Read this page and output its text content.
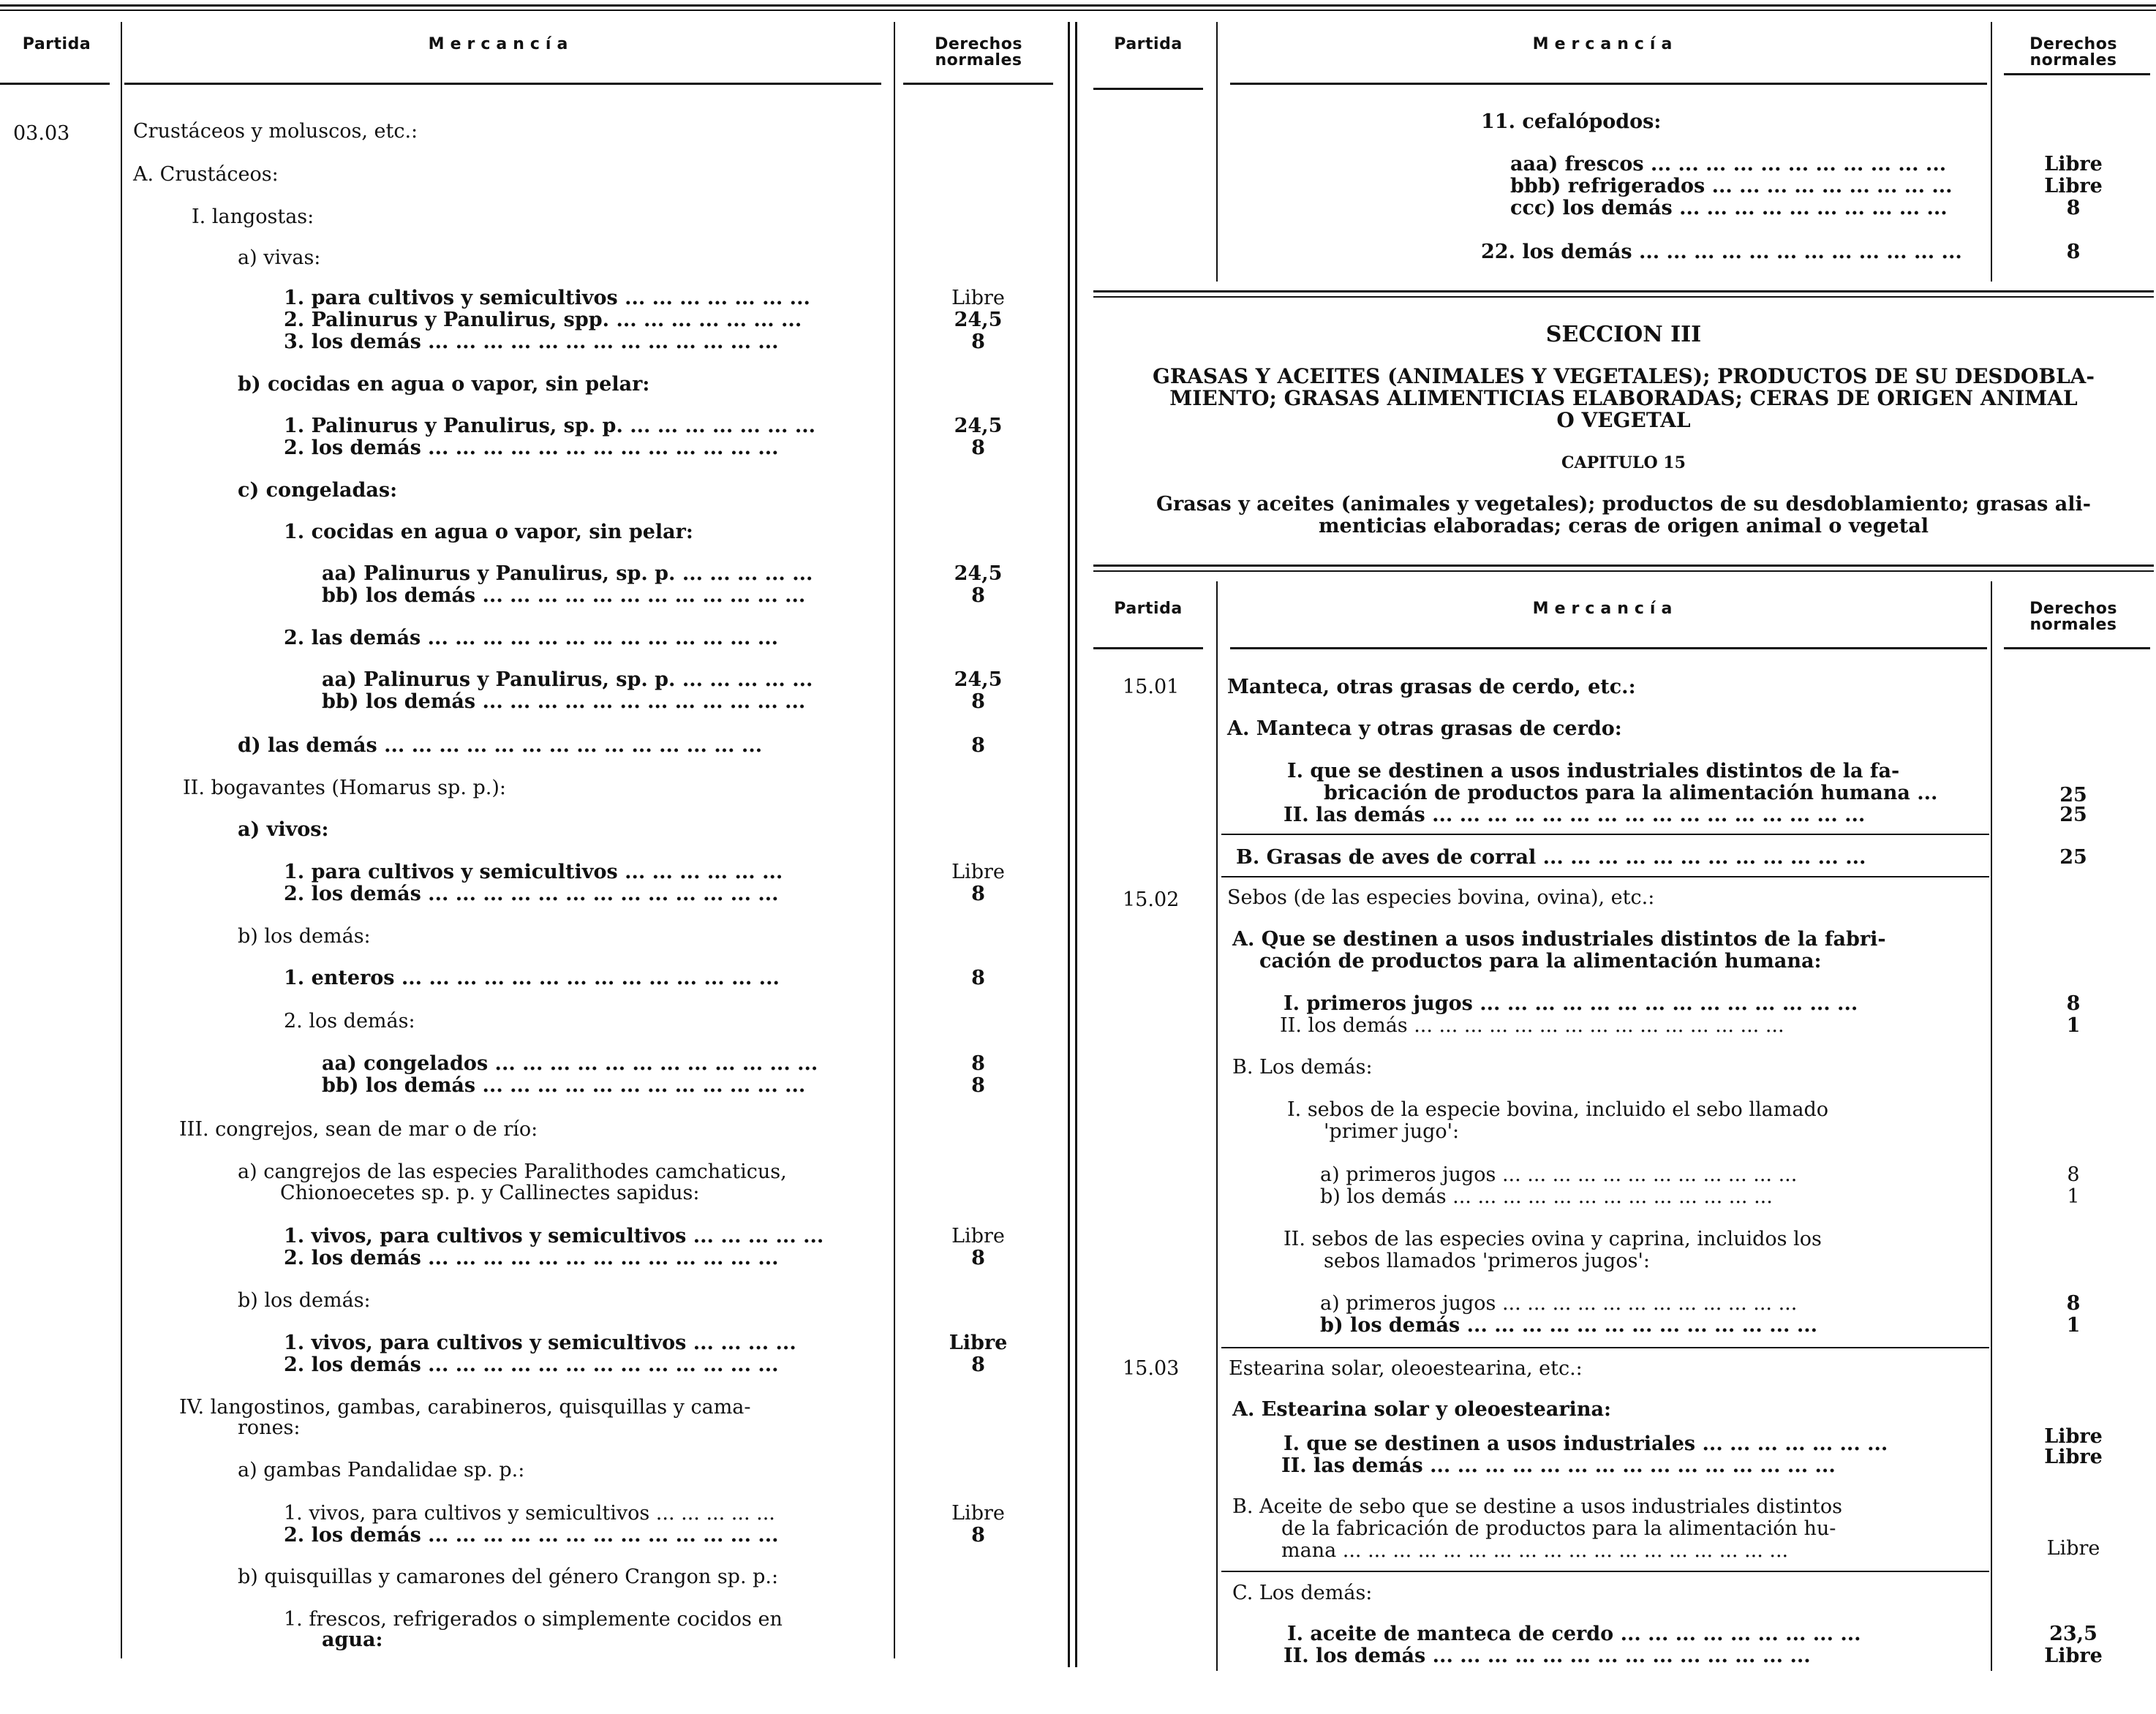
Partida	Mercancía	Derechos
normales
03.03	Crustáceos y moluscos, etc.:
A. Crustáceos:
I. langostas:
a) vivas:
1. para cultivos y semicultivos ... ... ... ... ... ... ...	Libre
2. Palinurus y Panulirus, spp. ... ... ... ... ... ... ...	24,5
3. los demás ... ... ... ... ... ... ... ... ... ... ... ... ...	8
b) cocidas en agua o vapor, sin pelar:
1. Palinurus y Panulirus, sp. p. ... ... ... ... ... ... ...	24,5
2. los demás ... ... ... ... ... ... ... ... ... ... ... ... ...	8
c) congeladas:
1. cocidas en agua o vapor, sin pelar:
aa) Palinurus y Panulirus, sp. p. ... ... ... ... ...	24,5
bb) los demás ... ... ... ... ... ... ... ... ... ... ... ...	8
2. las demás ... ... ... ... ... ... ... ... ... ... ... ... ...
aa) Palinurus y Panulirus, sp. p. ... ... ... ... ...	24,5
bb) los demás ... ... ... ... ... ... ... ... ... ... ... ...	8
d) las demás ... ... ... ... ... ... ... ... ... ... ... ... ... ...	8
II. bogavantes (Homarus sp. p.):
a) vivos:
1. para cultivos y semicultivos ... ... ... ... ... ...	Libre
2. los demás ... ... ... ... ... ... ... ... ... ... ... ... ...	8
b) los demás:
1. enteros ... ... ... ... ... ... ... ... ... ... ... ... ... ...	8
2. los demás:
aa) congelados ... ... ... ... ... ... ... ... ... ... ... ...	8
bb) los demás ... ... ... ... ... ... ... ... ... ... ... ...	8
III. congrejos, sean de mar o de río:
a) cangrejos de las especies Paralithodes camchaticus,
Chionoecetes sp. p. y Callinectes sapidus:
1. vivos, para cultivos y semicultivos ... ... ... ... ...	Libre
2. los demás ... ... ... ... ... ... ... ... ... ... ... ... ...	8
b) los demás:
1. vivos, para cultivos y semicultivos ... ... ... ...	Libre
2. los demás ... ... ... ... ... ... ... ... ... ... ... ... ...	8
IV. langostinos, gambas, carabineros, quisquillas y cama-
rones:
a) gambas Pandalidae sp. p.:
1. vivos, para cultivos y semicultivos ... ... ... ... ...	Libre
2. los demás ... ... ... ... ... ... ... ... ... ... ... ... ...	8
b) quisquillas y camarones del género Crangon sp. p.:
1. frescos, refrigerados o simplemente cocidos en
agua:
Partida	Mercancía	Derechos
normales
11. cefalópodos:
aaa) frescos ... ... ... ... ... ... ... ... ... ... ...	Libre
bbb) refrigerados ... ... ... ... ... ... ... ... ...	Libre
ccc) los demás ... ... ... ... ... ... ... ... ... ...	8
22. los demás ... ... ... ... ... ... ... ... ... ... ... ...	8
SECCION III
GRASAS Y ACEITES (ANIMALES Y VEGETALES); PRODUCTOS DE SU DESDOBLA-
MIENTO; GRASAS ALIMENTICIAS ELABORADAS; CERAS DE ORIGEN ANIMAL
O VEGETAL
CAPITULO 15
Grasas y aceites (animales y vegetales); productos de su desdoblamiento; grasas ali-
menticias elaboradas; ceras de origen animal o vegetal
Partida	Mercancía	Derechos
normales
15.01 Manteca, otras grasas de cerdo, etc.:
A. Manteca y otras grasas de cerdo:
I. que se destinen a usos industriales distintos de la fa-
bricación de productos para la alimentación humana ...	25
II. las demás ... ... ... ... ... ... ... ... ... ... ... ... ... ... ... ...	25
B. Grasas de aves de corral ... ... ... ... ... ... ... ... ... ... ... ...	25
15.02 Sebos (de las especies bovina, ovina), etc.:
A. Que se destinen a usos industriales distintos de la fabri-
cación de productos para la alimentación humana:
I. primeros jugos ... ... ... ... ... ... ... ... ... ... ... ... ... ...	8
II. los demás ... ... ... ... ... ... ... ... ... ... ... ... ... ... ...	1
B. Los demás:
I. sebos de la especie bovina, incluido el sebo llamado
'primer jugo':
a) primeros jugos ... ... ... ... ... ... ... ... ... ... ... ...	8
b) los demás ... ... ... ... ... ... ... ... ... ... ... ... ...	1
II. sebos de las especies ovina y caprina, incluidos los
sebos llamados 'primeros jugos':
a) primeros jugos ... ... ... ... ... ... ... ... ... ... ... ...	8
b) los demás ... ... ... ... ... ... ... ... ... ... ... ... ...	1
15.03	Estearina solar, oleoestearina, etc.:
A. Estearina solar y oleoestearina:
I. que se destinen a usos industriales ... ... ... ... ... ... ...	Libre
II. las demás ... ... ... ... ... ... ... ... ... ... ... ... ... ... ...	Libre
B. Aceite de sebo que se destine a usos industriales distintos
de la fabricación de productos para la alimentación hu-
mana ... ... ... ... ... ... ... ... ... ... ... ... ... ... ... ... ... ...	Libre
C. Los demás:
I. aceite de manteca de cerdo ... ... ... ... ... ... ... ... ...	23,5
II. los demás ... ... ... ... ... ... ... ... ... ... ... ... ... ...	Libre
